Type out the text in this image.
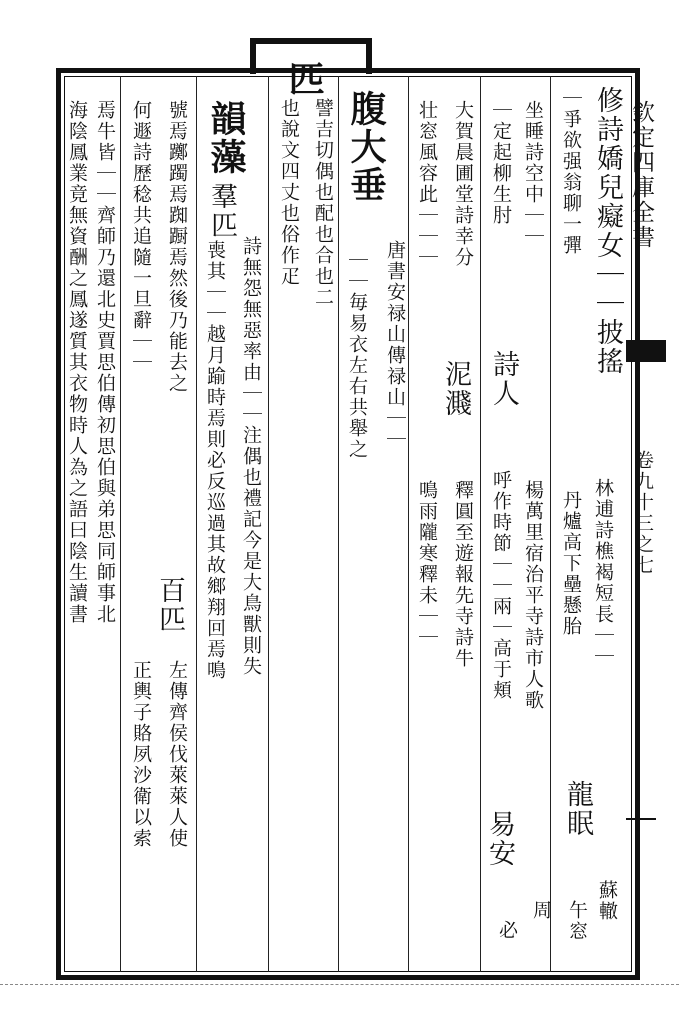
欽定四庫全書
卷九十三之七
修詩嬌兒癡女｜｜披搖
林逋詩樵褐短長｜｜
龍眠
蘇轍
｜爭欲强翁聊一彈
丹爐高下壘懸胎
午窓
坐睡詩空中｜｜
楊萬里宿治平寺詩市人歌
周
｜定起柳生肘
詩人
呼作時節｜｜兩｜高于頬
易安
必
大賀晨圃堂詩幸分
泥濺
釋圓至遊報先寺詩牛
壮窓風容此｜｜｜
鳴雨隴寒釋未｜｜
腹大垂
唐書安禄山傳禄山｜｜
｜｜毎易衣左右共舉之
匹
譬吉切偶也配也合也二
也說文四丈也俗作疋
韻藻
羣匹
詩無怨無惡率由｜｜注偶也禮記今是大鳥獸則失
喪其｜｜越月踰時焉則必反巡過其故鄉翔回焉鳴
號焉躑躅焉踟蹰焉然後乃能去之
百匹
左傳齊侯伐萊萊人使
何遯詩歷稔共追隨一旦辭｜｜
正輿子賂夙沙衛以索
焉牛皆｜｜齊師乃還北史賈思伯傳初思伯與弟思同師事北
海陰鳳業竟無資酬之鳳遂質其衣物時人為之語曰陰生讀書
